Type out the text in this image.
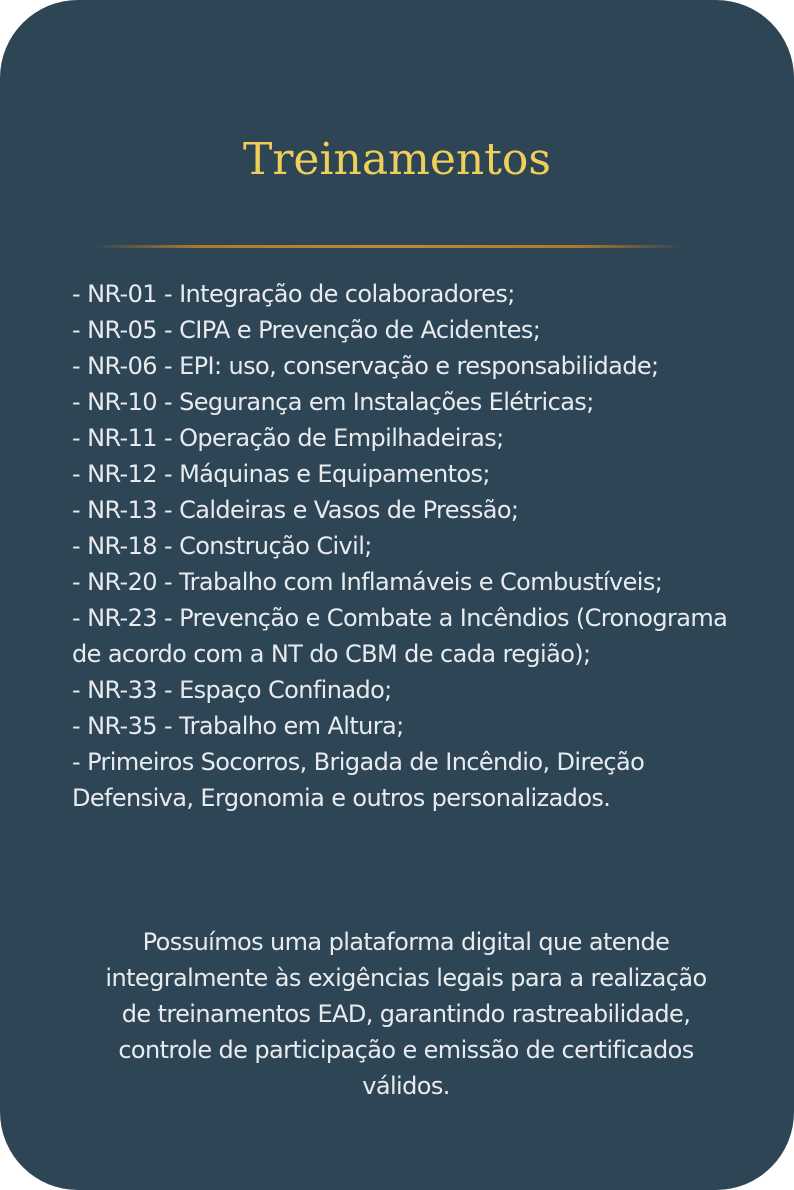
Treinamentos
- NR-01 - Integração de colaboradores;
- NR-05 - CIPA e Prevenção de Acidentes;
- NR-06 - EPI: uso, conservação e responsabilidade;
- NR-10 - Segurança em Instalações Elétricas;
- NR-11 - Operação de Empilhadeiras;
- NR-12 - Máquinas e Equipamentos;
- NR-13 - Caldeiras e Vasos de Pressão;
- NR-18 - Construção Civil;
- NR-20 - Trabalho com Inflamáveis e Combustíveis;
- NR-23 - Prevenção e Combate a Incêndios (Cronograma de acordo com a NT do CBM de cada região);
- NR-33 - Espaço Confinado;
- NR-35 - Trabalho em Altura;
- Primeiros Socorros, Brigada de Incêndio, Direção Defensiva, Ergonomia e outros personalizados.

Possuímos uma plataforma digital que atende integralmente às exigências legais para a realização de treinamentos EAD, garantindo rastreabilidade, controle de participação e emissão de certificados válidos.
